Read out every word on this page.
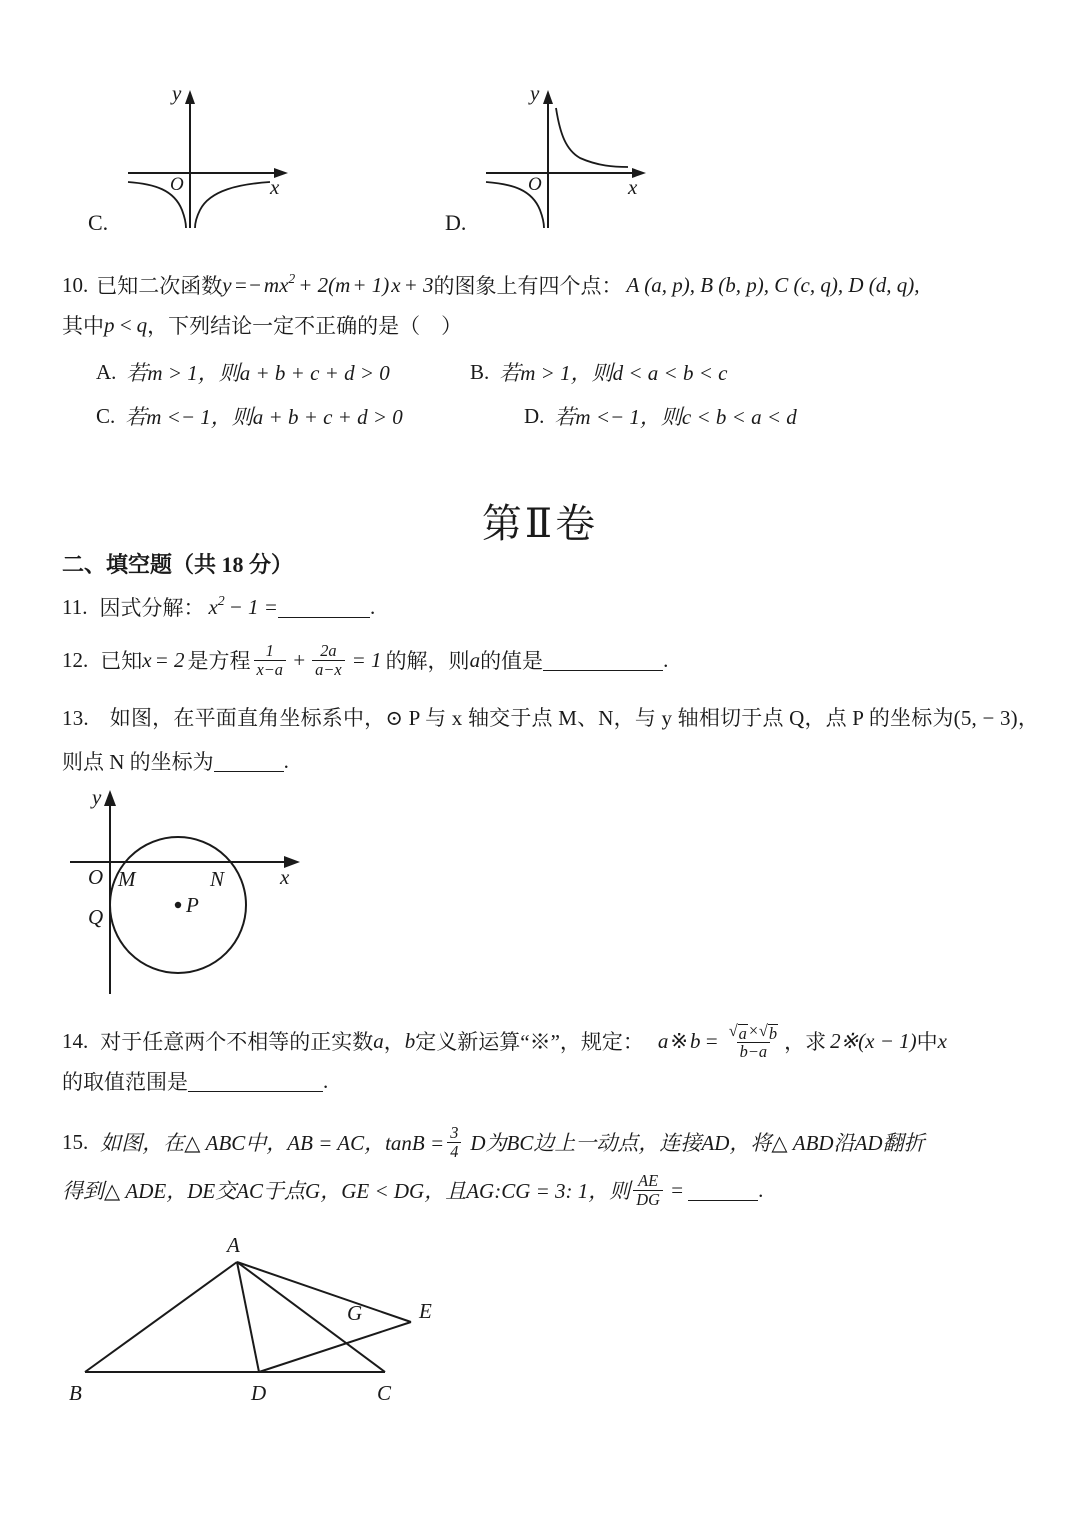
y
x
O
C.
y
x
O
D.
10. 已知二次函数 y =− m x 2 + 2( m + 1) x + 3 的图象上有四个点： A (a, p), B (b, p), C (c, q), D (d, q),
其中 p < q ，下列结论一定不正确的是（　）
A. 若m > 1，则a + b + c + d > 0	B. 若m > 1，则d < a < b < c
C. 若m <− 1，则a + b + c + d > 0	D. 若m <− 1，则c < b < a < d
第Ⅱ卷
二、填空题（共 18 分）
11. 因式分解： x 2 − 1 =	.
12. 已知 x = 2 是方程 $\frac{1}{x-a} + \frac{2a}{a-x} = 1$ 的解，则 a 的值是	.
13. 如图，在平面直角坐标系中，⊙ P 与 x 轴交于点 M、N，与 y 轴相切于点 Q，点 P 的坐标为(5, − 3)，
则点 N 的坐标为	.
y
x
O M	N
Q	P
14. 对于任意两个不相等的正实数 a ， b 定义新运算“※”，规定： a ※ $b = \frac{√ a \times √ b}{b-a}$ ，求 2※(x − 1) 中 x
的取值范围是	.
15. 如图，在△ ABC中，AB = AC，$\tan B = \frac{3}{4}$ D为BC边上一动点，连接AD，将△ ABD沿AD翻折
得到△ ADE，DE交AC于点G，GE < DG，且AG:CG = 3: 1，则 $\frac{AE}{DG}$ =	.
A
B	C
D
E
G
